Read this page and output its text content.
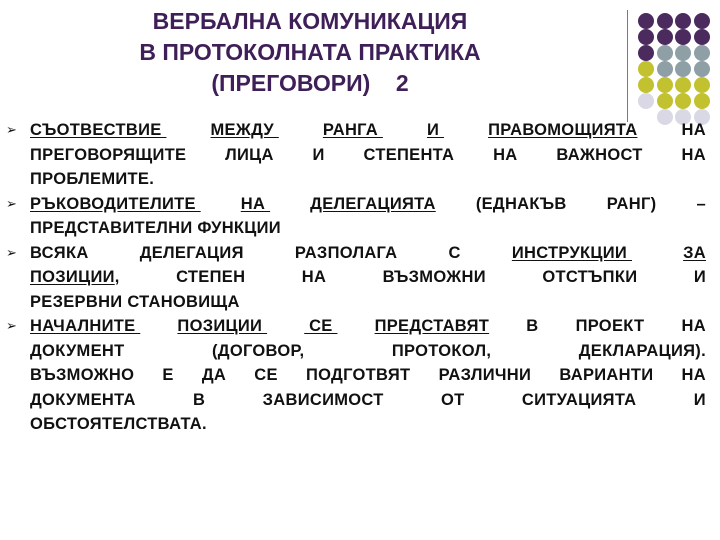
ВЕРБАЛНА КОМУНИКАЦИЯ
В ПРОТОКОЛНАТА ПРАКТИКА
(ПРЕГОВОРИ)    2
➢ СЪОТВЕСТВИЕ	МЕЖДУ	РАНГА	И	ПРАВОМОЩИЯТА	НА
ПРЕГОВОРЯЩИТЕ ЛИЦА И СТЕПЕНТА НА ВАЖНОСТ НА
ПРОБЛЕМИТЕ.
➢ РЪКОВОДИТЕЛИТЕ НА ДЕЛЕГАЦИЯТА (ЕДНАКЪВ РАНГ) –
ПРЕДСТАВИТЕЛНИ ФУНКЦИИ
➢ ВСЯКА	ДЕЛЕГАЦИЯ	РАЗПОЛАГА	С	ИНСТРУКЦИИ	ЗА
ПОЗИЦИИ,	СТЕПЕН	НА	ВЪЗМОЖНИ	ОТСТЪПКИ	И
РЕЗЕРВНИ СТАНОВИЩА
➢ НАЧАЛНИТЕ ПОЗИЦИИ СЕ ПРЕДСТАВЯТ В ПРОЕКТ НА
ДОКУМЕНТ	(ДОГОВОР,	ПРОТОКОЛ,	ДЕКЛАРАЦИЯ).
ВЪЗМОЖНО Е ДА СЕ ПОДГОТВЯТ РАЗЛИЧНИ ВАРИАНТИ НА
ДОКУМЕНТА	В	ЗАВИСИМОСТ	ОТ	СИТУАЦИЯТА	И
ОБСТОЯТЕЛСТВАТА.
